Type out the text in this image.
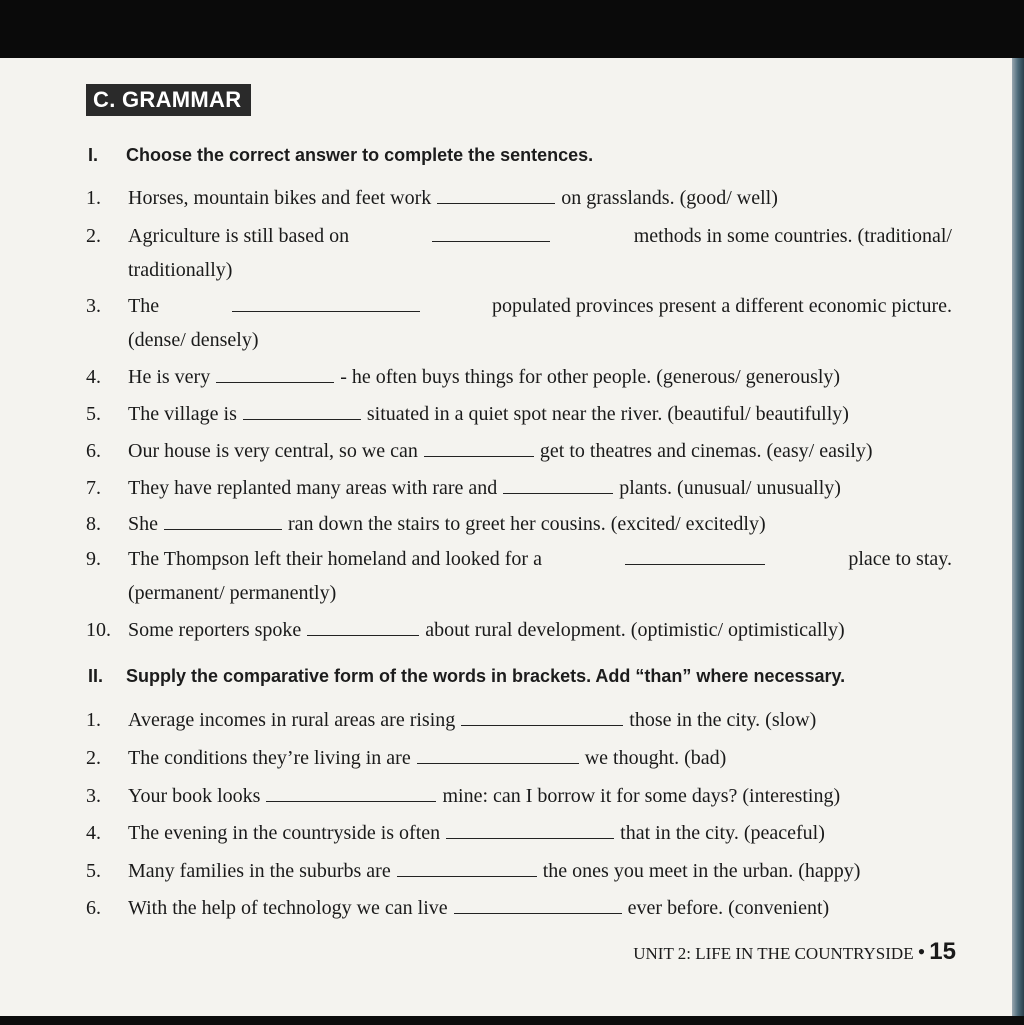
C. GRAMMAR
I. Choose the correct answer to complete the sentences.
1.	Horses, mountain bikes and feet work	on grasslands. (good/ well)
2.	Agriculture is still based on	methods in some countries. (traditional/
traditionally)
3.	The	populated provinces present a different economic picture.
(dense/ densely)
4.	He is very	- he often buys things for other people. (generous/ generously)
5.	The village is	situated in a quiet spot near the river. (beautiful/ beautifully)
6.	Our house is very central, so we can	get to theatres and cinemas. (easy/ easily)
7.	They have replanted many areas with rare and	plants. (unusual/ unusually)
8.	She	ran down the stairs to greet her cousins. (excited/ excitedly)
9.	The Thompson left their homeland and looked for a	place to stay.
(permanent/ permanently)
10. Some reporters spoke	about rural development. (optimistic/ optimistically)
II. Supply the comparative form of the words in brackets. Add “than” where necessary.
1.	Average incomes in rural areas are rising	those in the city. (slow)
2.	The conditions they’re living in are	we thought. (bad)
3.	Your book looks	mine: can I borrow it for some days? (interesting)
4.	The evening in the countryside is often	that in the city. (peaceful)
5.	Many families in the suburbs are	the ones you meet in the urban. (happy)
6.	With the help of technology we can live	ever before. (convenient)
UNIT 2: LIFE IN THE COUNTRYSIDE • 15
